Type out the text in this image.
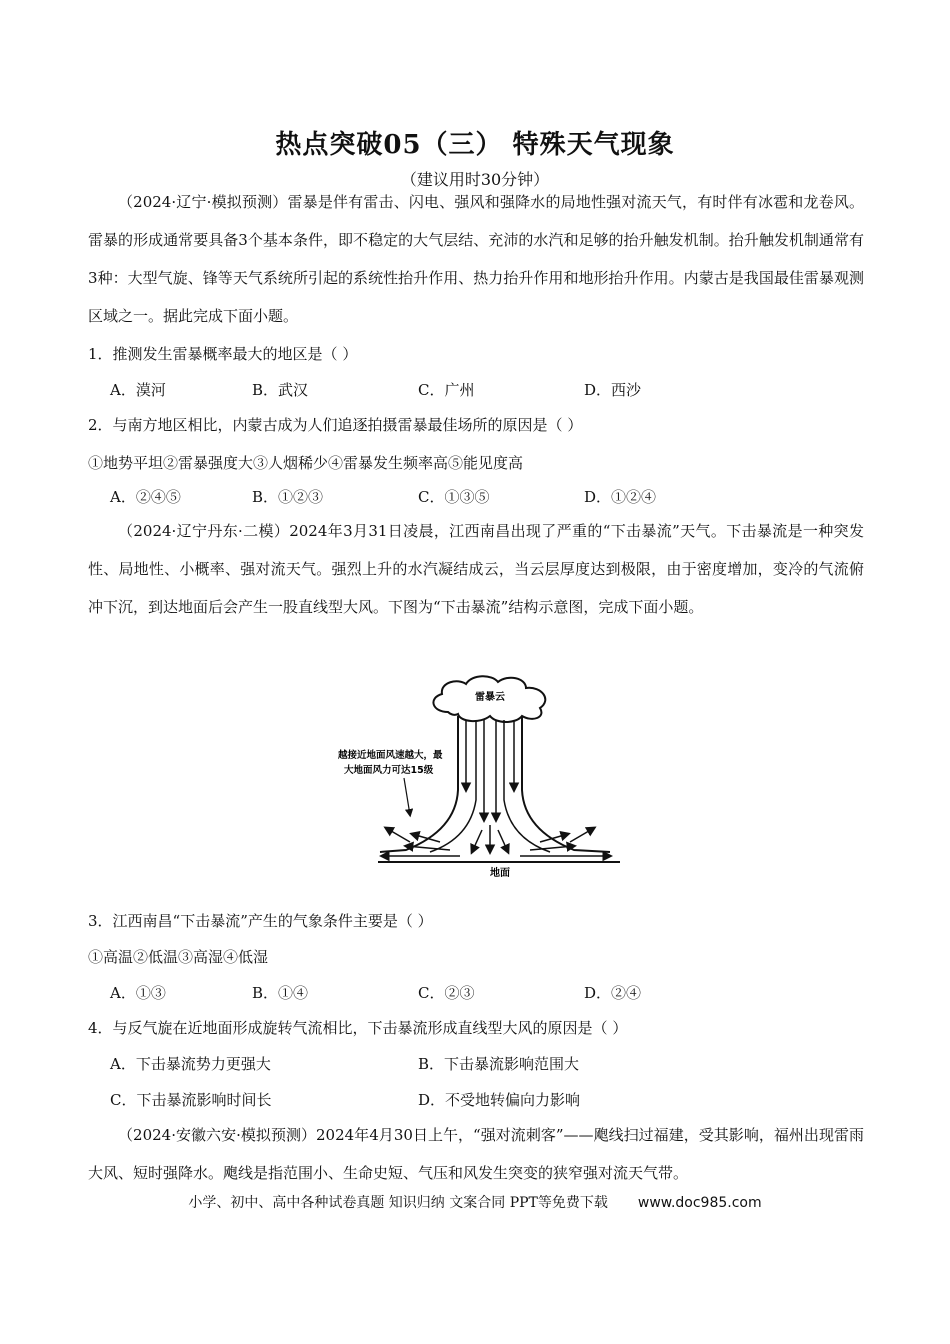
热点突破05（三） 特殊天气现象
（建议用时30分钟）

（2024·辽宁·模拟预测）雷暴是伴有雷击、闪电、强风和强降水的局地性强对流天气，有时伴有冰雹和龙卷风。雷暴的形成通常要具备3个基本条件，即不稳定的大气层结、充沛的水汽和足够的抬升触发机制。抬升触发机制通常有3种：大型气旋、锋等天气系统所引起的系统性抬升作用、热力抬升作用和地形抬升作用。内蒙古是我国最佳雷暴观测区域之一。据此完成下面小题。

1．推测发生雷暴概率最大的地区是（ ）
A．漠河	B．武汉	C．广州	D．西沙
2．与南方地区相比，内蒙古成为人们追逐拍摄雷暴最佳场所的原因是（ ）
①地势平坦②雷暴强度大③人烟稀少④雷暴发生频率高⑤能见度高
A．②④⑤	B．①②③	C．①③⑤	D．①②④

（2024·辽宁丹东·二模）2024年3月31日凌晨，江西南昌出现了严重的“下击暴流”天气。下击暴流是一种突发性、局地性、小概率、强对流天气。强烈上升的水汽凝结成云，当云层厚度达到极限，由于密度增加，变冷的气流俯冲下沉，到达地面后会产生一股直线型大风。下图为“下击暴流”结构示意图，完成下面小题。

雷暴云
地面
越接近地面风速越大，最
大地面风力可达15级
3．江西南昌“下击暴流”产生的气象条件主要是（ ）
①高温②低温③高湿④低湿
A．①③	B．①④	C．②③	D．②④
4．与反气旋在近地面形成旋转气流相比，下击暴流形成直线型大风的原因是（ ）
A．下击暴流势力更强大	B．下击暴流影响范围大
C．下击暴流影响时间长	D．不受地转偏向力影响

（2024·安徽六安·模拟预测）2024年4月30日上午，“强对流刺客”——飑线扫过福建，受其影响，福州出现雷雨大风、短时强降水。飑线是指范围小、生命史短、气压和风发生突变的狭窄强对流天气带。

小学、初中、高中各种试卷真题 知识归纳 文案合同 PPT等免费下载 www.doc985.com
